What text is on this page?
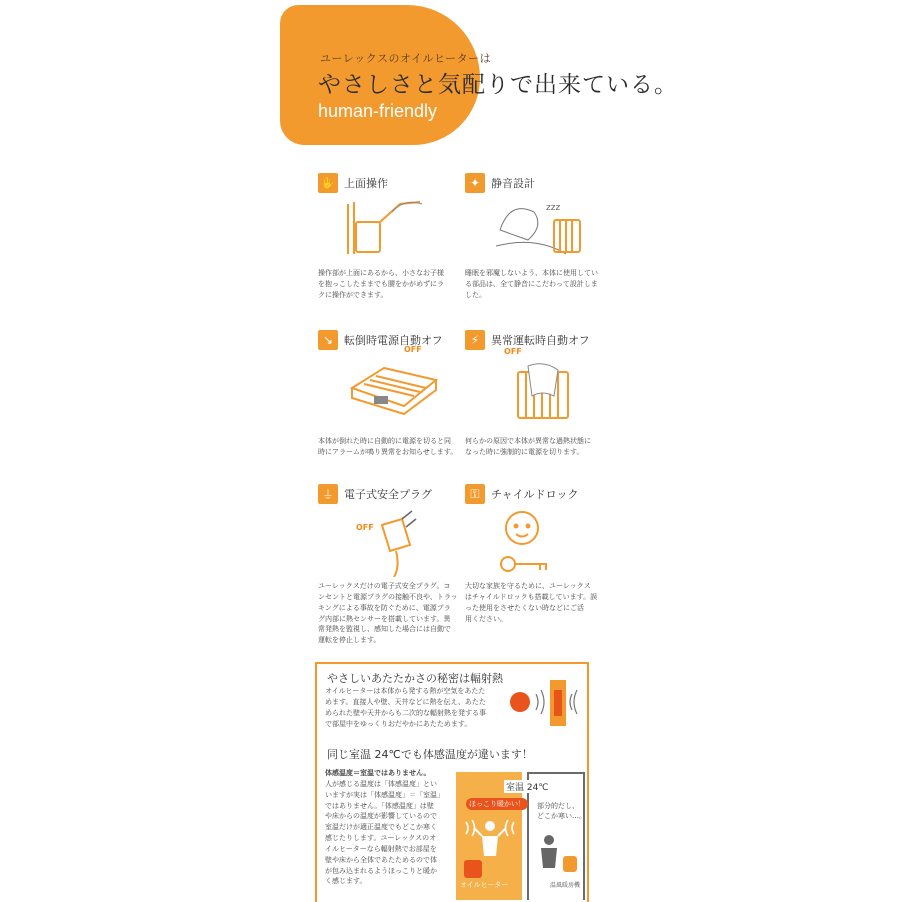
ユーレックスのオイルヒーターは
やさしさと気配りで出来ている。
human-friendly
✋ 上面操作
操作部が上面にあるから、小さなお子様
を抱っこしたままでも腰をかがめずにラ
クに操作ができます。
✦ 静音設計
zzz
睡眠を邪魔しないよう、本体に使用してい
る部品は、全て静音にこだわって設計しま
した。
↘ 転倒時電源自動オフ
OFF
本体が倒れた時に自動的に電源を切ると同
時にアラームが鳴り異常をお知らせします。
⚡	異常運転時自動オフ
OFF
何らかの原因で本体が異常な過熱状態に
なった時に強制的に電源を切ります。
⏚ 電子式安全プラグ
OFF
ユーレックスだけの電子式安全プラグ。コ
ンセントと電源プラグの接触不良や、トラッ
キングによる事故を防ぐために、電源プラ
グ内部に熱センサーを搭載しています。異
常発熱を監視し、感知した場合には自動で
運転を停止します。
⚿	チャイルドロック
大切な家族を守るために、ユーレックス
はチャイルドロックも搭載しています。誤
った使用をさせたくない時などにご活
用ください。
やさしいあたたかさの秘密は輻射熱
オイルヒーターは本体から発する熱が空気をあたた
めます。直接人や壁、天井などに熱を伝え、あたた
められた壁や天井からも二次的な輻射熱を発する事
で部屋中をゆっくりおだやかにあたためます。
同じ室温 24℃でも体感温度が違います！
体感温度＝室温ではありません。
人が感じる温度は「体感温度」とい
いますが実は「体感温度」＝「室温」
ではありません。「体感温度」は壁
や床からの温度が影響しているので
室温だけが適正温度でもどこか寒く
感じたりします。ユーレックスのオ
イルヒーターなら輻射熱でお部屋を
壁や床から全体であたためるので体
が包み込まれるようほっこりと暖か
く感じます。
室温 24℃
ほっこり暖かい！
オイルヒーター
部分的だし、
どこか寒い…。
温風暖房機
